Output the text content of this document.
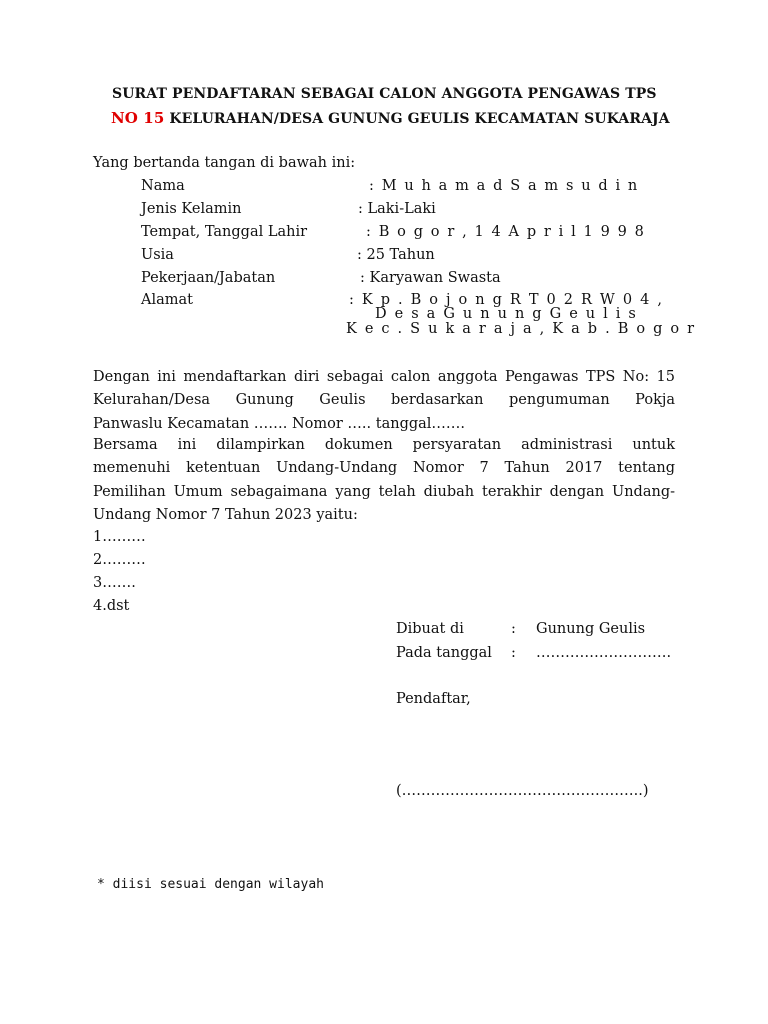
SURAT PENDAFTARAN SEBAGAI CALON ANGGOTA PENGAWAS TPS
NO 15 KELURAHAN/DESA GUNUNG GEULIS KECAMATAN SUKARAJA
Yang bertanda tangan di bawah ini:
Nama	: M u h a m a d S a m s u d i n
Jenis Kelamin	: Laki-Laki
Tempat, Tanggal Lahir	: B o g o r , 1 4 A p r i l 1 9 9 8
Usia	: 25 Tahun
Pekerjaan/Jabatan	: Karyawan Swasta
Alamat	: K p . B o j o n g R T 0 2 R W 0 4 ,
D e s a G u n u n g G e u l i s
K e c . S u k a r a j a , K a b . B o g o r
Dengan ini mendaftarkan diri sebagai calon anggota Pengawas TPS No: 15
Kelurahan/Desa Gunung Geulis berdasarkan pengumuman Pokja
Panwaslu Kecamatan ……. Nomor ….. tanggal…….
Bersama ini dilampirkan dokumen persyaratan administrasi untuk
memenuhi ketentuan Undang-Undang Nomor 7 Tahun 2017 tentang
Pemilihan Umum sebagaimana yang telah diubah terakhir dengan Undang-
Undang Nomor 7 Tahun 2023 yaitu:
1………
2………
3…….
4.dst
Dibuat di	: Gunung Geulis
Pada tanggal : ……………………….
Pendaftar,
(…………………………………………..)
* diisi sesuai dengan wilayah
